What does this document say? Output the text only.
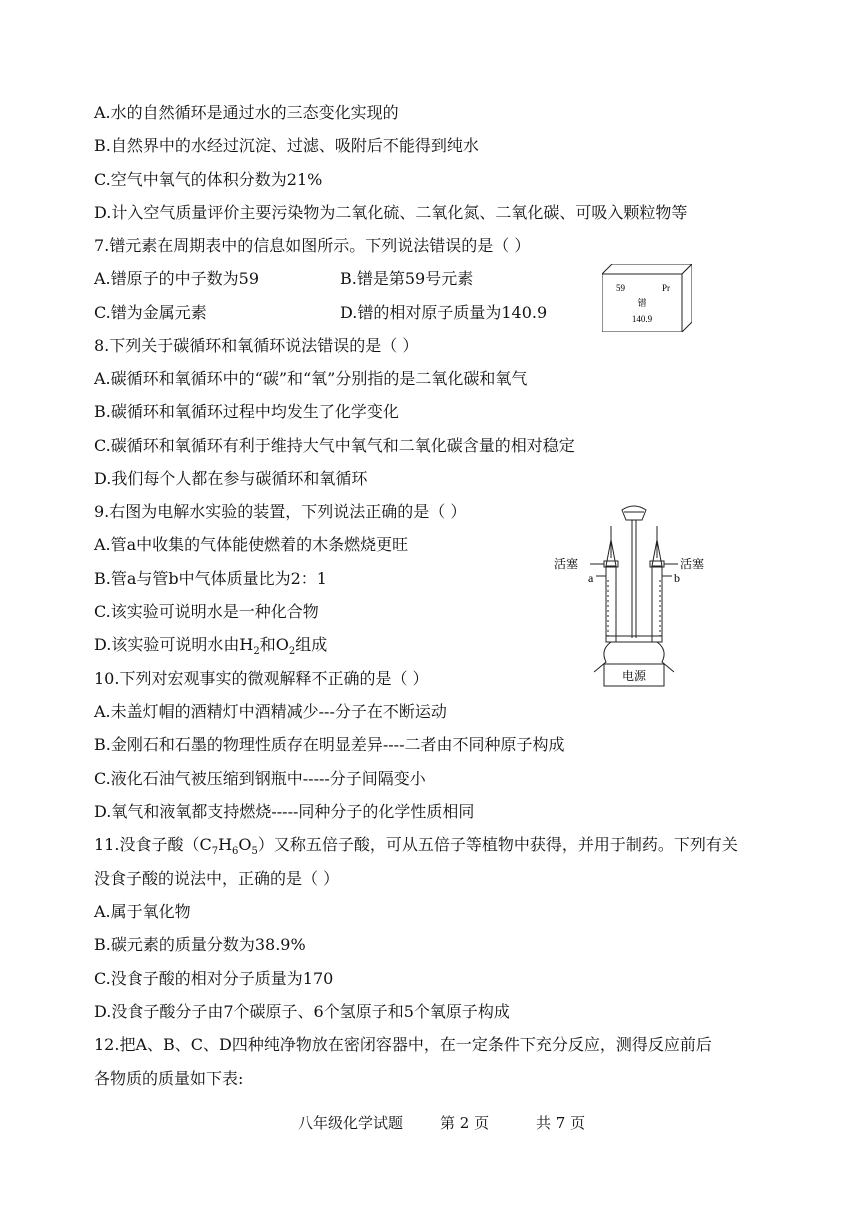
A.水的自然循环是通过水的三态变化实现的
B.自然界中的水经过沉淀、过滤、吸附后不能得到纯水
C.空气中氧气的体积分数为21%
D.计入空气质量评价主要污染物为二氧化硫、二氧化氮、二氧化碳、可吸入颗粒物等
7.镨元素在周期表中的信息如图所示。下列说法错误的是（ ）
A.镨原子的中子数为59	B.镨是第59号元素
C.镨为金属元素	D.镨的相对原子质量为140.9
59	Pr
镨
140.9
8.下列关于碳循环和氧循环说法错误的是（ ）
A.碳循环和氧循环中的“碳”和“氧”分别指的是二氧化碳和氧气
B.碳循环和氧循环过程中均发生了化学变化
C.碳循环和氧循环有利于维持大气中氧气和二氧化碳含量的相对稳定
D.我们每个人都在参与碳循环和氧循环
9.右图为电解水实验的装置，下列说法正确的是（ ）
A.管a中收集的气体能使燃着的木条燃烧更旺
B.管a与管b中气体质量比为2：1
C.该实验可说明水是一种化合物
D.该实验可说明水由$H_2$和$O_2$组成
活塞	活塞
a	b
电源
10.下列对宏观事实的微观解释不正确的是（ ）
A.未盖灯帽的酒精灯中酒精减少---分子在不断运动
B.金刚石和石墨的物理性质存在明显差异----二者由不同种原子构成
C.液化石油气被压缩到钢瓶中-----分子间隔变小
D.氧气和液氧都支持燃烧-----同种分子的化学性质相同
11.没食子酸$(C_7H_6O_5)$又称五倍子酸，可从五倍子等植物中获得，并用于制药。下列有关
没食子酸的说法中，正确的是（ ）
A.属于氧化物
B.碳元素的质量分数为38.9%
C.没食子酸的相对分子质量为170
D.没食子酸分子由7个碳原子、6个氢原子和5个氧原子构成
12.把A、B、C、D四种纯净物放在密闭容器中，在一定条件下充分反应，测得反应前后
各物质的质量如下表:
八年级化学试题 第 2 页	共 7 页
